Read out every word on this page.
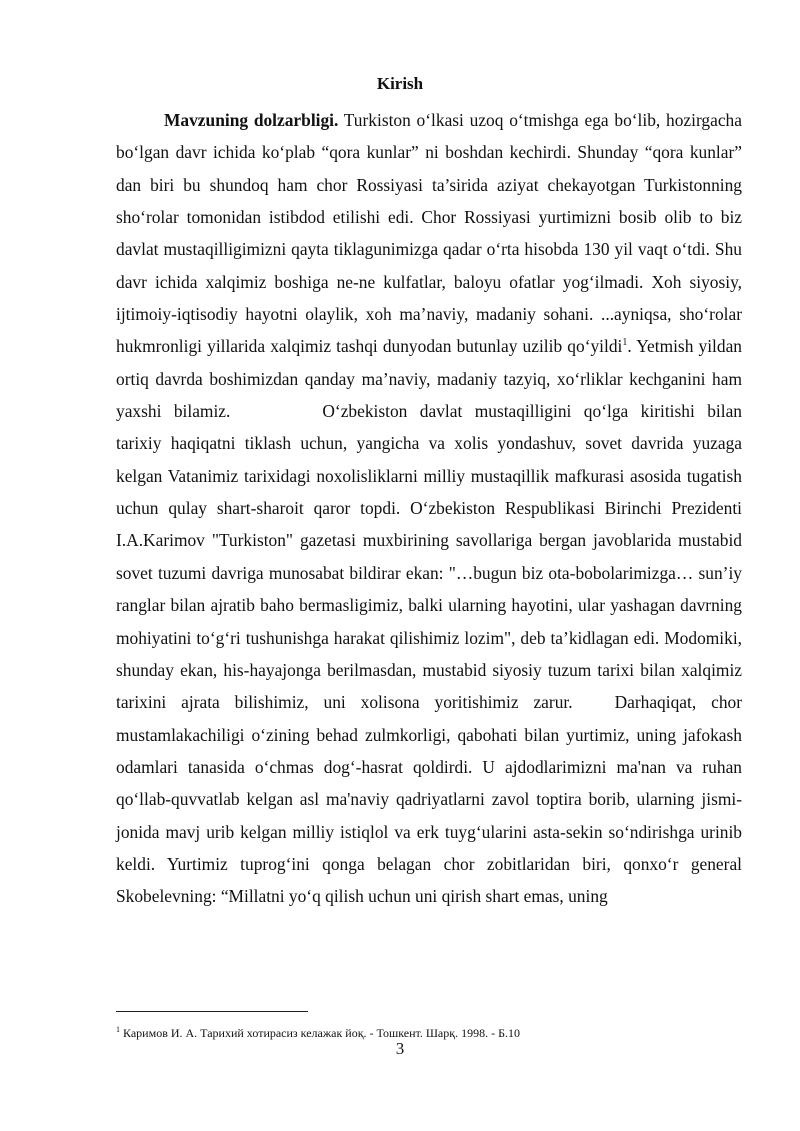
Kirish

Mavzuning dolzarbligi. Turkiston o‘lkasi uzoq o‘tmishga ega bo‘lib, hozirgacha bo‘lgan davr ichida ko‘plab “qora kunlar” ni boshdan kechirdi. Shunday “qora kunlar” dan biri bu shundoq ham chor Rossiyasi ta’sirida aziyat chekayotgan Turkistonning sho‘rolar tomonidan istibdod etilishi edi. Chor Rossiyasi yurtimizni bosib olib to biz davlat mustaqilligimizni qayta tiklagunimizga qadar o‘rta hisobda 130 yil vaqt o‘tdi. Shu davr ichida xalqimiz boshiga ne-ne kulfatlar, baloyu ofatlar yog‘ilmadi. Xoh siyosiy, ijtimoiy-iqtisodiy hayotni olaylik, xoh ma’naviy, madaniy sohani. ...ayniqsa, sho‘rolar hukmronligi yillarida xalqimiz tashqi dunyodan butunlay uzilib qo‘yildi$^1$. Yetmish yildan ortiq davrda boshimizdan qanday ma’naviy, madaniy tazyiq, xo‘rliklar kechganini ham yaxshi bilamiz.	O‘zbekiston davlat mustaqilligini qo‘lga kiritishi bilan tarixiy haqiqatni tiklash uchun, yangicha va xolis yondashuv, sovet davrida yuzaga kelgan Vatanimiz tarixidagi noxolisliklarni milliy mustaqillik mafkurasi asosida tugatish uchun qulay shart-sharoit qaror topdi. O‘zbekiston Respublikasi Birinchi Prezidenti I.A.Karimov "Turkiston" gazetasi muxbirining savollariga bergan javoblarida mustabid sovet tuzumi davriga munosabat bildirar ekan: "…bugun biz ota-bobolarimizga… sun’iy ranglar bilan ajratib baho bermasligimiz, balki ularning hayotini, ular yashagan davrning mohiyatini to‘g‘ri tushunishga harakat qilishimiz lozim", deb ta’kidlagan edi. Modomiki, shunday ekan, his-hayajonga berilmasdan, mustabid siyosiy tuzum tarixi bilan xalqimiz tarixini ajrata bilishimiz, uni xolisona yoritishimiz zarur. Darhaqiqat, chor mustamlakachiligi o‘zining behad zulmkorligi, qabohati bilan yurtimiz, uning jafokash odamlari tanasida o‘chmas dog‘-hasrat qoldirdi. U ajdodlarimizni ma'nan va ruhan qo‘llab-quvvatlab kelgan asl ma'naviy qadriyatlarni zavol toptira borib, ularning jismi-jonida mavj urib kelgan milliy istiqlol va erk tuyg‘ularini asta-sekin so‘ndirishga urinib keldi. Yurtimiz tuprog‘ini qonga belagan chor zobitlaridan biri, qonxo‘r general Skobelevning: “Millatni yo‘q qilish uchun uni qirish shart emas, uning

$^1$ Каримов И. А. Тарихий хотирасиз келажак йоқ. - Тошкент. Шарқ. 1998. - Б.10
3
